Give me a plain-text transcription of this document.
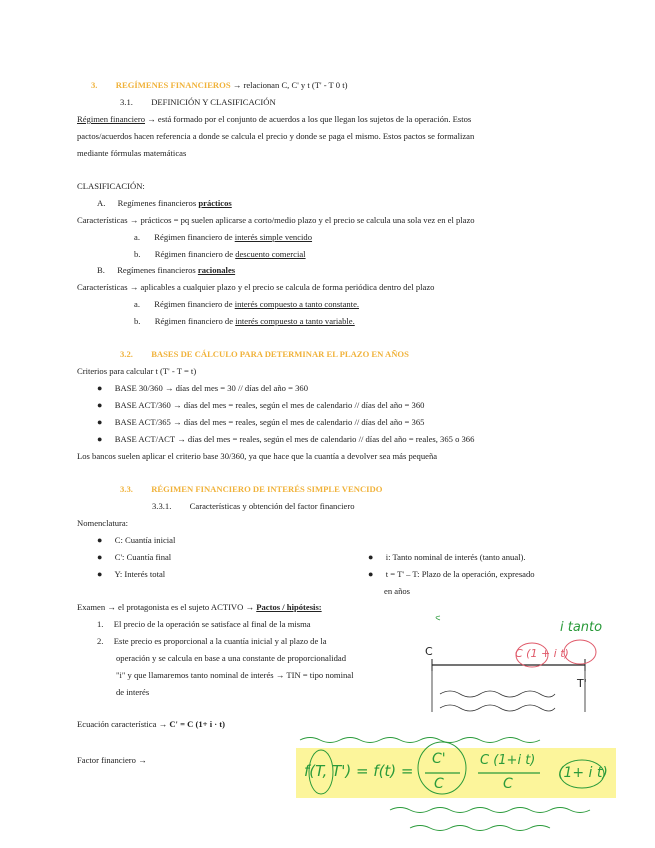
3. REGÍMENES FINANCIEROS → relacionan C, C' y t (T' - T 0 t)
3.1. DEFINICIÓN Y CLASIFICACIÓN
Régimen financiero → está formado por el conjunto de acuerdos a los que llegan los sujetos de la operación. Estos
pactos/acuerdos hacen referencia a donde se calcula el precio y donde se paga el mismo. Estos pactos se formalizan
mediante fórmulas matemáticas
CLASIFICACIÓN:
A. Regímenes financieros prácticos
Características → prácticos = pq suelen aplicarse a corto/medio plazo y el precio se calcula una sola vez en el plazo
a. Régimen financiero de interés simple vencido
b. Régimen financiero de descuento comercial
B. Regímenes financieros racionales
Características → aplicables a cualquier plazo y el precio se calcula de forma periódica dentro del plazo
a. Régimen financiero de interés compuesto a tanto constante.
b. Régimen financiero de interés compuesto a tanto variable.
3.2. BASES DE CÁLCULO PARA DETERMINAR EL PLAZO EN AÑOS
Criterios para calcular t (T' - T = t)
● BASE 30/360 → días del mes = 30 // días del año = 360
● BASE ACT/360 → días del mes = reales, según el mes de calendario // días del año = 360
● BASE ACT/365 → días del mes = reales, según el mes de calendario // días del año = 365
● BASE ACT/ACT → días del mes = reales, según el mes de calendario // días del año = reales, 365 o 366
Los bancos suelen aplicar el criterio base 30/360, ya que hace que la cuantía a devolver sea más pequeña
3.3. RÉGIMEN FINANCIERO DE INTERÉS SIMPLE VENCIDO
3.3.1. Características y obtención del factor financiero
Nomenclatura:
● C: Cuantía inicial
● C': Cuantía final
● Y: Interés total
● i: Tanto nominal de interés (tanto anual).
● t = T' – T: Plazo de la operación, expresado
en años
Examen → el protagonista es el sujeto ACTIVO → Pactos / hipótesis:
1. El precio de la operación se satisface al final de la misma
2. Este precio es proporcional a la cuantía inicial y al plazo de la
operación y se calcula en base a una constante de proporcionalidad
"i" y que llamaremos tanto nominal de interés → TIN = tipo nominal
de interés
Ecuación característica → C' = C (1+ i · t)
Factor financiero →
i tanto
C
T'
C (1 + i t)
f(T, T') = f(t) =
C'
C
C (1+i t)
C
(1+ i t)
